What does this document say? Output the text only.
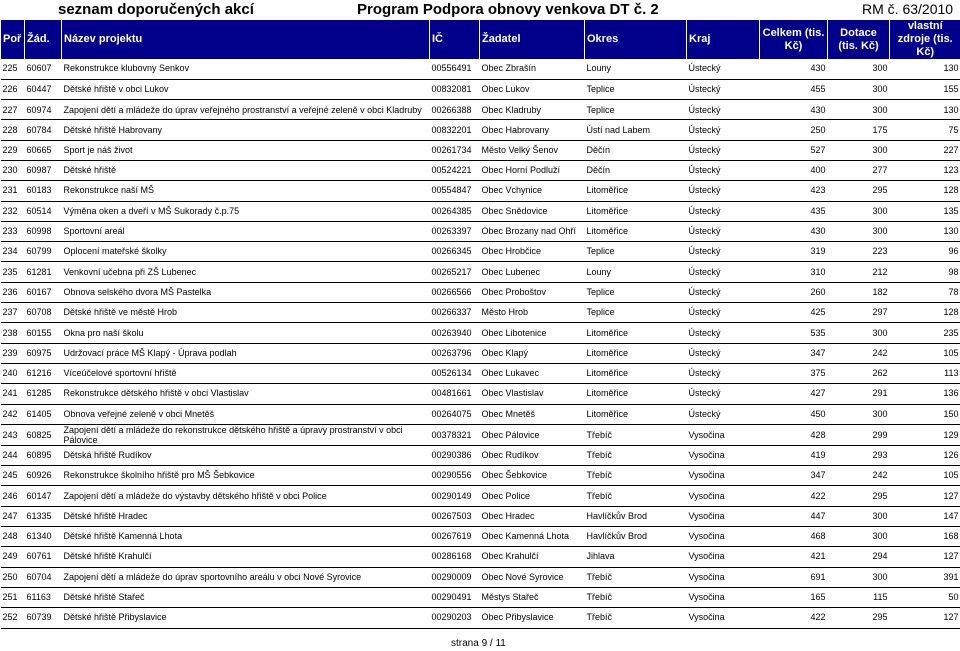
seznam doporučených akcí	Program Podpora obnovy venkova DT č. 2	RM č. 63/2010
Poř	Žád.	Název projektu	IČ	Žadatel	Okres	Kraj	Celkem (tis. Kč)	Dotace (tis. Kč)	vlastní zdroje (tis. Kč)
225	60607	Rekonstrukce klubovny Senkov	00556491	Obec Zbrašín	Louny	Ústecký	430	300	130
226	60447	Dětské hřiště v obci Lukov	00832081	Obec Lukov	Teplice	Ústecký	455	300	155
227	60974	Zapojení dětí a mládeže do úprav veřejného prostranství a veřejné zeleně v obci Kladruby	00266388	Obec Kladruby	Teplice	Ústecký	430	300	130
228	60784	Dětské hřiště Habrovany	00832201	Obec Habrovany	Ústí nad Labem	Ústecký	250	175	75
229	60665	Sport je náš život	00261734	Město Velký Šenov	Děčín	Ústecký	527	300	227
230	60987	Dětské hřiště	00524221	Obec Horní Podluží	Děčín	Ústecký	400	277	123
231	60183	Rekonstrukce naší MŠ	00554847	Obec Vchynice	Litoměřice	Ústecký	423	295	128
232	60514	Výměna oken a dveří v MŠ Sukorady č.p.75	00264385	Obec Snědovice	Litoměřice	Ústecký	435	300	135
233	60998	Sportovní areál	00263397	Obec Brozany nad Ohří	Litoměřice	Ústecký	430	300	130
234	60799	Oplocení mateřské školky	00266345	Obec Hrobčice	Teplice	Ústecký	319	223	96
235	61281	Venkovní učebna při ZŠ Lubenec	00265217	Obec Lubenec	Louny	Ústecký	310	212	98
236	60167	Obnova selského dvora MŠ Pastelka	00266566	Obec Proboštov	Teplice	Ústecký	260	182	78
237	60708	Dětské hřiště ve městě Hrob	00266337	Město Hrob	Teplice	Ústecký	425	297	128
238	60155	Okna pro naší školu	00263940	Obec Libotenice	Litoměřice	Ústecký	535	300	235
239	60975	Udržovací práce MŠ Klapý - Úprava podlah	00263796	Obec Klapý	Litoměřice	Ústecký	347	242	105
240	61216	Víceúčelové sportovní hřiště	00526134	Obec Lukavec	Litoměřice	Ústecký	375	262	113
241	61285	Rekonstrukce dětského hřiště v obci Vlastislav	00481661	Obec Vlastislav	Litoměřice	Ústecký	427	291	136
242	61405	Obnova veřejné zeleně v obci Mnetěš	00264075	Obec Mnetěš	Litoměřice	Ústecký	450	300	150
243	60825	Zapojení dětí a mládeže do rekonstrukce dětského hřiště a úpravy prostranství v obci Pálovice	00378321	Obec Pálovice	Třebíč	Vysočina	428	299	129
244	60895	Dětská hřiště Rudíkov	00290386	Obec Rudíkov	Třebíč	Vysočina	419	293	126
245	60926	Rekonstrukce školního hřiště pro MŠ Šebkovice	00290556	Obec Šebkovice	Třebíč	Vysočina	347	242	105
246	60147	Zapojení dětí a mládeže do výstavby dětského hřiště v obci Police	00290149	Obec Police	Třebíč	Vysočina	422	295	127
247	61335	Dětské hřiště Hradec	00267503	Obec Hradec	Havlíčkův Brod	Vysočina	447	300	147
248	61340	Dětské hřiště Kamenná Lhota	00267619	Obec Kamenná Lhota	Havlíčkův Brod	Vysočina	468	300	168
249	60761	Dětské hřiště Krahulčí	00286168	Obec Krahulčí	Jihlava	Vysočina	421	294	127
250	60704	Zapojení dětí a mládeže do úprav sportovního areálu v obci Nové Syrovice	00290009	Obec Nové Syrovice	Třebíč	Vysočina	691	300	391
251	61163	Dětské hřiště Stařeč	00290491	Městys Stařeč	Třebíč	Vysočina	165	115	50
252	60739	Dětské hřiště Přibyslavice	00290203	Obec Přibyslavice	Třebíč	Vysočina	422	295	127
strana 9 / 11
